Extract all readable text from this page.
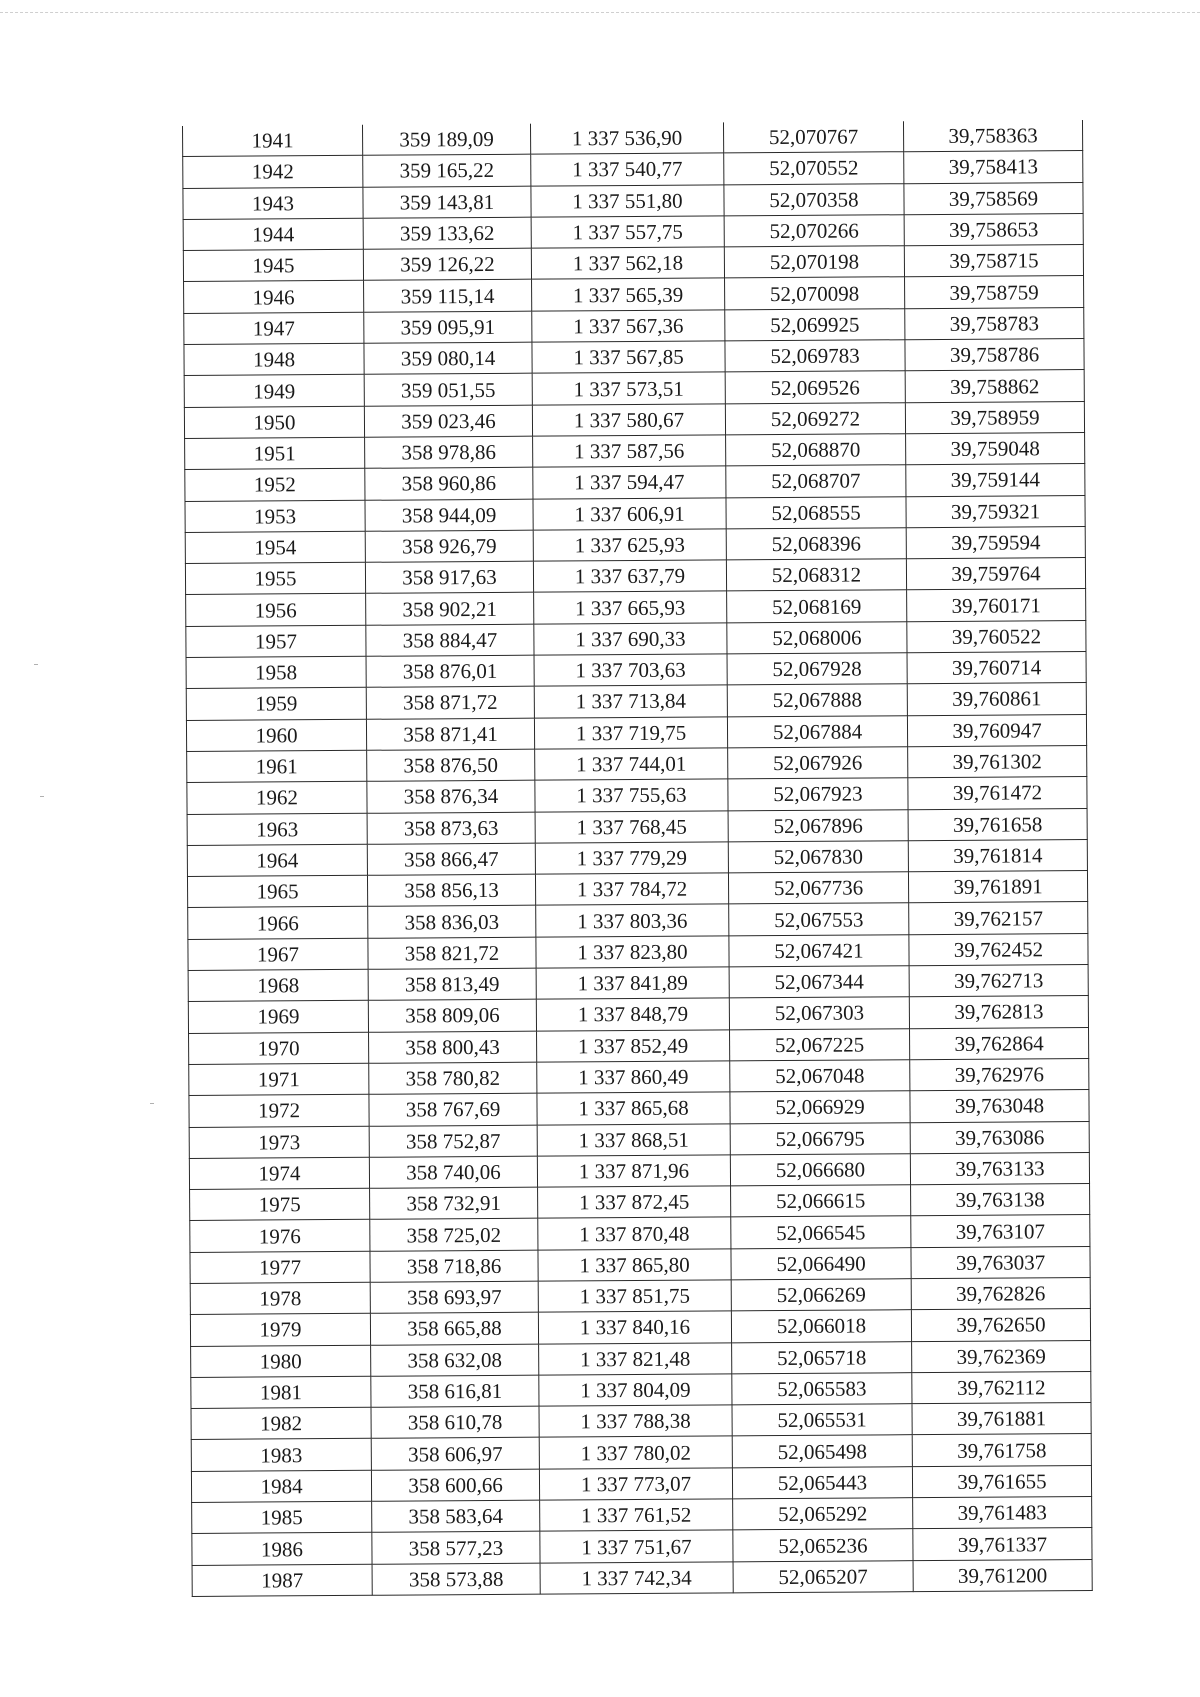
1941	359 189,09	1 337 536,90	52,070767	39,758363
1942	359 165,22	1 337 540,77	52,070552	39,758413
1943	359 143,81	1 337 551,80	52,070358	39,758569
1944	359 133,62	1 337 557,75	52,070266	39,758653
1945	359 126,22	1 337 562,18	52,070198	39,758715
1946	359 115,14	1 337 565,39	52,070098	39,758759
1947	359 095,91	1 337 567,36	52,069925	39,758783
1948	359 080,14	1 337 567,85	52,069783	39,758786
1949	359 051,55	1 337 573,51	52,069526	39,758862
1950	359 023,46	1 337 580,67	52,069272	39,758959
1951	358 978,86	1 337 587,56	52,068870	39,759048
1952	358 960,86	1 337 594,47	52,068707	39,759144
1953	358 944,09	1 337 606,91	52,068555	39,759321
1954	358 926,79	1 337 625,93	52,068396	39,759594
1955	358 917,63	1 337 637,79	52,068312	39,759764
1956	358 902,21	1 337 665,93	52,068169	39,760171
1957	358 884,47	1 337 690,33	52,068006	39,760522
1958	358 876,01	1 337 703,63	52,067928	39,760714
1959	358 871,72	1 337 713,84	52,067888	39,760861
1960	358 871,41	1 337 719,75	52,067884	39,760947
1961	358 876,50	1 337 744,01	52,067926	39,761302
1962	358 876,34	1 337 755,63	52,067923	39,761472
1963	358 873,63	1 337 768,45	52,067896	39,761658
1964	358 866,47	1 337 779,29	52,067830	39,761814
1965	358 856,13	1 337 784,72	52,067736	39,761891
1966	358 836,03	1 337 803,36	52,067553	39,762157
1967	358 821,72	1 337 823,80	52,067421	39,762452
1968	358 813,49	1 337 841,89	52,067344	39,762713
1969	358 809,06	1 337 848,79	52,067303	39,762813
1970	358 800,43	1 337 852,49	52,067225	39,762864
1971	358 780,82	1 337 860,49	52,067048	39,762976
1972	358 767,69	1 337 865,68	52,066929	39,763048
1973	358 752,87	1 337 868,51	52,066795	39,763086
1974	358 740,06	1 337 871,96	52,066680	39,763133
1975	358 732,91	1 337 872,45	52,066615	39,763138
1976	358 725,02	1 337 870,48	52,066545	39,763107
1977	358 718,86	1 337 865,80	52,066490	39,763037
1978	358 693,97	1 337 851,75	52,066269	39,762826
1979	358 665,88	1 337 840,16	52,066018	39,762650
1980	358 632,08	1 337 821,48	52,065718	39,762369
1981	358 616,81	1 337 804,09	52,065583	39,762112
1982	358 610,78	1 337 788,38	52,065531	39,761881
1983	358 606,97	1 337 780,02	52,065498	39,761758
1984	358 600,66	1 337 773,07	52,065443	39,761655
1985	358 583,64	1 337 761,52	52,065292	39,761483
1986	358 577,23	1 337 751,67	52,065236	39,761337
1987	358 573,88	1 337 742,34	52,065207	39,761200
